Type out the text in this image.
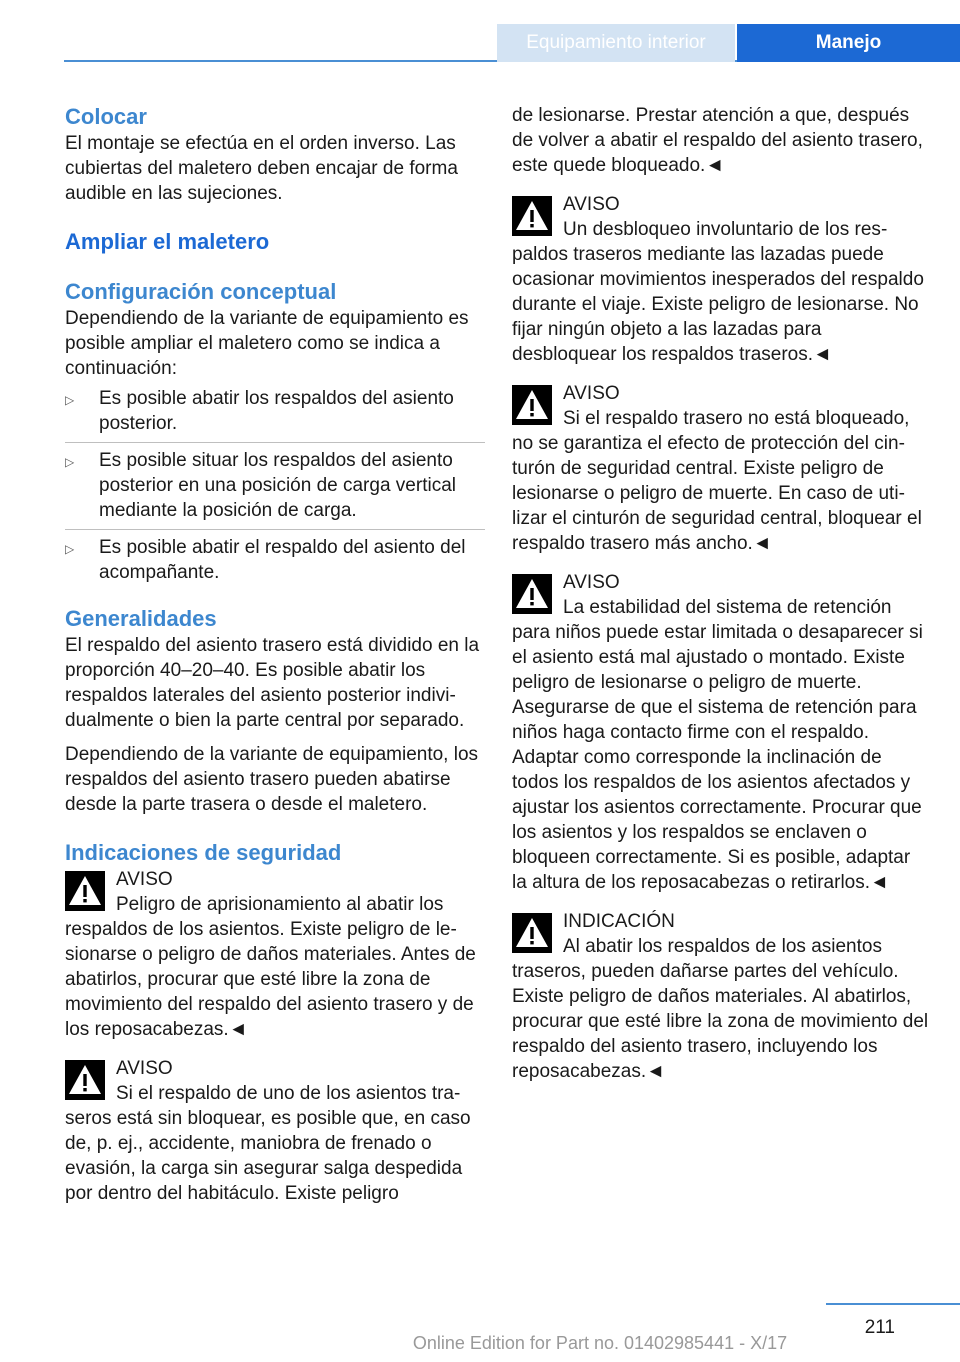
Equipamiento interior	Manejo
Colocar

El montaje se efectúa en el orden inverso. Las cubiertas del maletero deben encajar de forma audible en las sujeciones.

Ampliar el maletero
Configuración conceptual

Dependiendo de la variante de equipamiento es posible ampliar el maletero como se indica a continuación:

▷ Es posible abatir los respaldos del asiento posterior.
▷ Es posible situar los respaldos del asiento posterior en una posición de carga vertical mediante la posición de carga.
▷ Es posible abatir el respaldo del asiento del acompañante.
Generalidades

El respaldo del asiento trasero está dividido en la proporción 40–20–40. Es posible abatir los respaldos laterales del asiento posterior individualmente o bien la parte central por separado.

Dependiendo de la variante de equipamiento, los respaldos del asiento trasero pueden abatirse desde la parte trasera o desde el maletero.

Indicaciones de seguridad
AVISO
Peligro de aprisionamiento al abatir los respaldos de los asientos. Existe peligro de lesionarse o peligro de daños materiales. Antes de abatirlos, procurar que esté libre la zona de movimiento del respaldo del asiento trasero y de los reposacabezas.◄
AVISO
Si el respaldo de uno de los asientos traseros está sin bloquear, es posible que, en caso de, p. ej., accidente, maniobra de frenado o evasión, la carga sin asegurar salga despedida por dentro del habitáculo. Existe peligro

de lesionarse. Prestar atención a que, después de volver a abatir el respaldo del asiento trasero, este quede bloqueado.◄

AVISO
Un desbloqueo involuntario de los respaldos traseros mediante las lazadas puede ocasionar movimientos inesperados del respaldo durante el viaje. Existe peligro de lesionarse. No fijar ningún objeto a las lazadas para desbloquear los respaldos traseros.◄
AVISO
Si el respaldo trasero no está bloqueado, no se garantiza el efecto de protección del cinturón de seguridad central. Existe peligro de lesionarse o peligro de muerte. En caso de utilizar el cinturón de seguridad central, bloquear el respaldo trasero más ancho.◄
AVISO
La estabilidad del sistema de retención para niños puede estar limitada o desaparecer si el asiento está mal ajustado o montado. Existe peligro de lesionarse o peligro de muerte. Asegurarse de que el sistema de retención para niños haga contacto firme con el respaldo. Adaptar como corresponde la inclinación de todos los respaldos de los asientos afectados y ajustar los asientos correctamente. Procurar que los asientos y los respaldos se enclaven o bloqueen correctamente. Si es posible, adaptar la altura de los reposacabezas o retirarlos.◄
INDICACIÓN
Al abatir los respaldos de los asientos traseros, pueden dañarse partes del vehículo. Existe peligro de daños materiales. Al abatirlos, procurar que esté libre la zona de movimiento del respaldo del asiento trasero, incluyendo los reposacabezas.◄
211
Online Edition for Part no. 01402985441 - X/17
